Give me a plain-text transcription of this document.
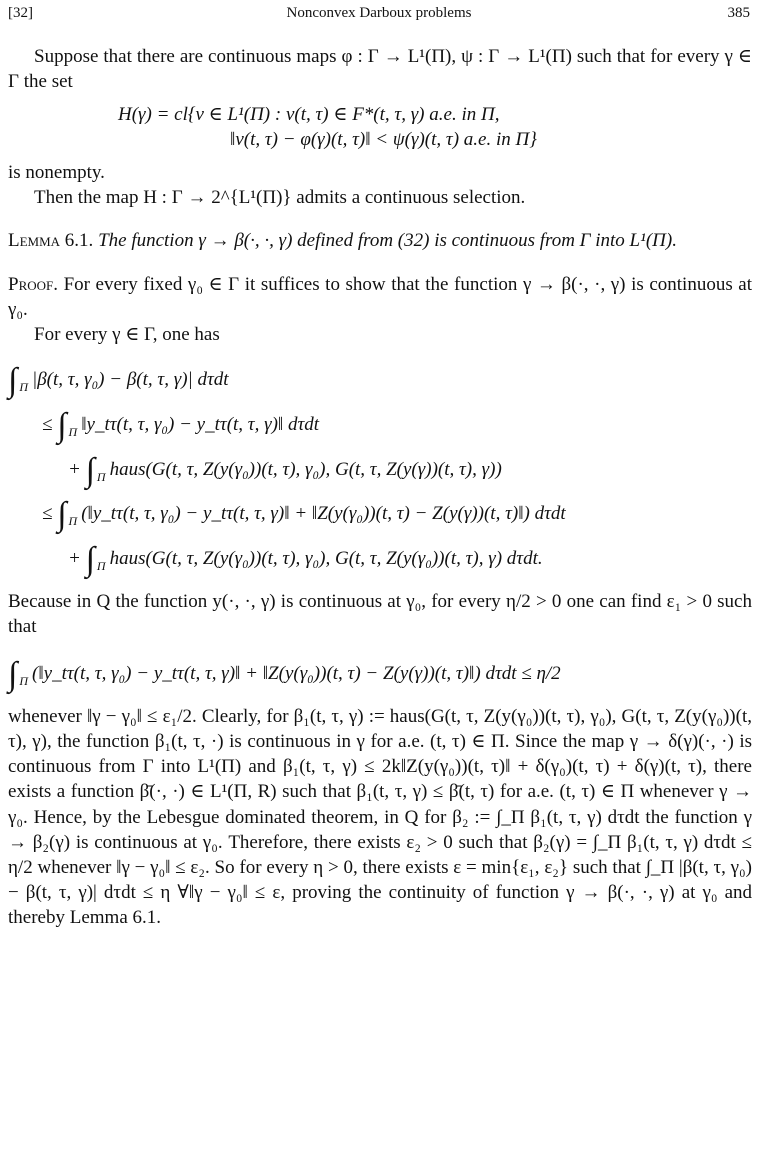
[32]	Nonconvex Darboux problems	385

Suppose that there are continuous maps φ : Γ → L¹(Π), ψ : Γ → L¹(Π) such that for every γ ∈ Γ the set

H(γ) = cl{v ∈ L¹(Π) : v(t, τ) ∈ F*(t, τ, γ) a.e. in Π,
‖v(t, τ) − φ(γ)(t, τ)‖ < ψ(γ)(t, τ) a.e. in Π}

is nonempty.

Then the map H : Γ → 2^{L¹(Π)} admits a continuous selection.

Lemma 6.1. The function γ → β(·, ·, γ) defined from (32) is continuous from Γ into L¹(Π).

Proof. For every fixed γ₀ ∈ Γ it suffices to show that the function γ → β(·, ·, γ) is continuous at γ₀.

For every γ ∈ Γ, one has

∫ $_\Pi$ |β(t, τ, γ₀) − β(t, τ, γ)| dτdt
≤ ∫ $_\Pi$ ‖y_tτ(t, τ, γ₀) − y_tτ(t, τ, γ)‖ dτdt
+ ∫ $_\Pi$ haus(G(t, τ, Z(y(γ₀))(t, τ), γ₀), G(t, τ, Z(y(γ))(t, τ), γ))
≤ ∫ $_\Pi$ (‖y_tτ(t, τ, γ₀) − y_tτ(t, τ, γ)‖ + ‖Z(y(γ₀))(t, τ) − Z(y(γ))(t, τ)‖) dτdt
+ ∫ $_\Pi$ haus(G(t, τ, Z(y(γ₀))(t, τ), γ₀), G(t, τ, Z(y(γ₀))(t, τ), γ) dτdt.

Because in Q the function y(·, ·, γ) is continuous at γ₀, for every η/2 > 0 one can find ε₁ > 0 such that

∫ $_\Pi$ (‖y_tτ(t, τ, γ₀) − y_tτ(t, τ, γ)‖ + ‖Z(y(γ₀))(t, τ) − Z(y(γ))(t, τ)‖) dτdt ≤ η/2

whenever ‖γ − γ₀‖ ≤ ε₁/2. Clearly, for β₁(t, τ, γ) := haus(G(t, τ, Z(y(γ₀))(t, τ), γ₀), G(t, τ, Z(y(γ₀))(t, τ), γ), the function β₁(t, τ, ·) is continuous in γ for a.e. (t, τ) ∈ Π. Since the map γ → δ(γ)(·, ·) is continuous from Γ into L¹(Π) and β₁(t, τ, γ) ≤ 2k‖Z(y(γ₀))(t, τ)‖ + δ(γ₀)(t, τ) + δ(γ)(t, τ), there exists a function β̄(·, ·) ∈ L¹(Π, R) such that β₁(t, τ, γ) ≤ β̄(t, τ) for a.e. (t, τ) ∈ Π whenever γ → γ₀. Hence, by the Lebesgue dominated theorem, in Q for β₂ := ∫_Π β₁(t, τ, γ) dτdt the function γ → β₂(γ) is continuous at γ₀. Therefore, there exists ε₂ > 0 such that β₂(γ) = ∫_Π β₁(t, τ, γ) dτdt ≤ η/2 whenever ‖γ − γ₀‖ ≤ ε₂. So for every η > 0, there exists ε = min{ε₁, ε₂} such that ∫_Π |β(t, τ, γ₀) − β(t, τ, γ)| dτdt ≤ η ∀‖γ − γ₀‖ ≤ ε, proving the continuity of function γ → β(·, ·, γ) at γ₀ and thereby Lemma 6.1.
